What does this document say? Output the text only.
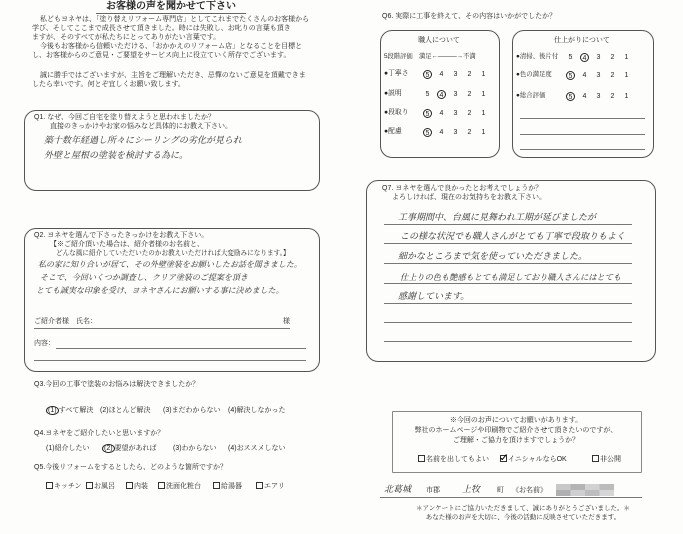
お客様の声を聞かせて下さい
私どもヨネヤは、「塗り替えリフォーム専門店」としてこれまでたくさんのお客様から
学び、そしてここまで成長させて頂きました。時には失敗し、お叱りの言葉も頂き
ますが、そのすべてが私たちにとってありがたい言葉です。
今後もお客様から信頼いただける、「おかかえのリフォーム店」となることを目標と
し、お客様からのご意見・ご要望をサービス向上に役立ていく所存でございます。
誠に勝手ではございますが、主旨をご理解いただき、忌憚のないご意見を頂戴できま
したら幸いです。何とぞ宜しくお願い致します。
Q1. なぜ、今回ご自宅を塗り替えようと思われましたか？
直接のきっかけやお家の悩みなど具体的にお教え下さい。
築十数年経過し所々にシーリングの劣化が見られ
外壁と屋根の塗装を検討する為に。
Q2. ヨネヤを選んで下さったきっかけをお教え下さい。
【※ご紹介頂いた場合は、紹介者様のお名前と、
どんな風に紹介していただいたのかお教えいただければ大変励みになります。】
私の家に知り合いが居て、その外壁塗装をお願いしたお話を聞きました。
そこで、今回いくつか調査し、クリア塗装のご提案を頂き
とても誠実な印象を受け、ヨネヤさんにお願いする事に決めました。
ご紹介者様　氏名：	様
内容：
Q3.今回の工事で塗装のお悩みは解決できましたか？
(1) すべて解決 (2)ほとんど解決 (3)まだわからない (4)解決しなかった
Q4.ヨネヤをご紹介したいと思いますか？
(1)紹介したい (2) 要望があれば (3)わからない (4)おススメしない
Q5.今後リフォームをするとしたら、どのような箇所ですか？
キッチン	お風呂	内装	洗面化粧台	給湯器	エアリ
Q6. 実際に工事を終えて、その内容はいかがでしたか？
職人について
5段階評価　満足←———→不満
仕上がりについて
Q7. ヨネヤを選んで良かったとお考えでしょうか？
よろしければ、現在のお気持ちをお教え下さい。
工事期間中、台風に見舞われ工期が延びましたが
この様な状況でも職人さんがとても丁寧で段取りもよく
細かなところまで気を使っていただきました。
仕上りの色も艶感もとても満足しており職人さんにはとても
感謝しています。
※今回のお声についてお願いがあります。
弊社のホームページや印刷物でご紹介させて頂きたいのですが、
ご理解・ご協力を頂けますでしょうか？
名前を出してもよい	イニシャルならOK	非公開
北葛城 市郡 上牧 町 《お名前》
＊アンケートにご協力いただきまして、誠にありがとうございました。＊
あなた様のお声を大切に、今後の活動に反映させていただきます。
●丁寧さ	5	4	3	2	1
●説明	5	4	3	2	1
●段取り	5	4	3	2	1
●配慮	5	4	3	2	1
●清掃、後片付	5	4	3	2	1
●色の満足度	5	4	3	2	1
●総合評価	5	4	3	2	1
